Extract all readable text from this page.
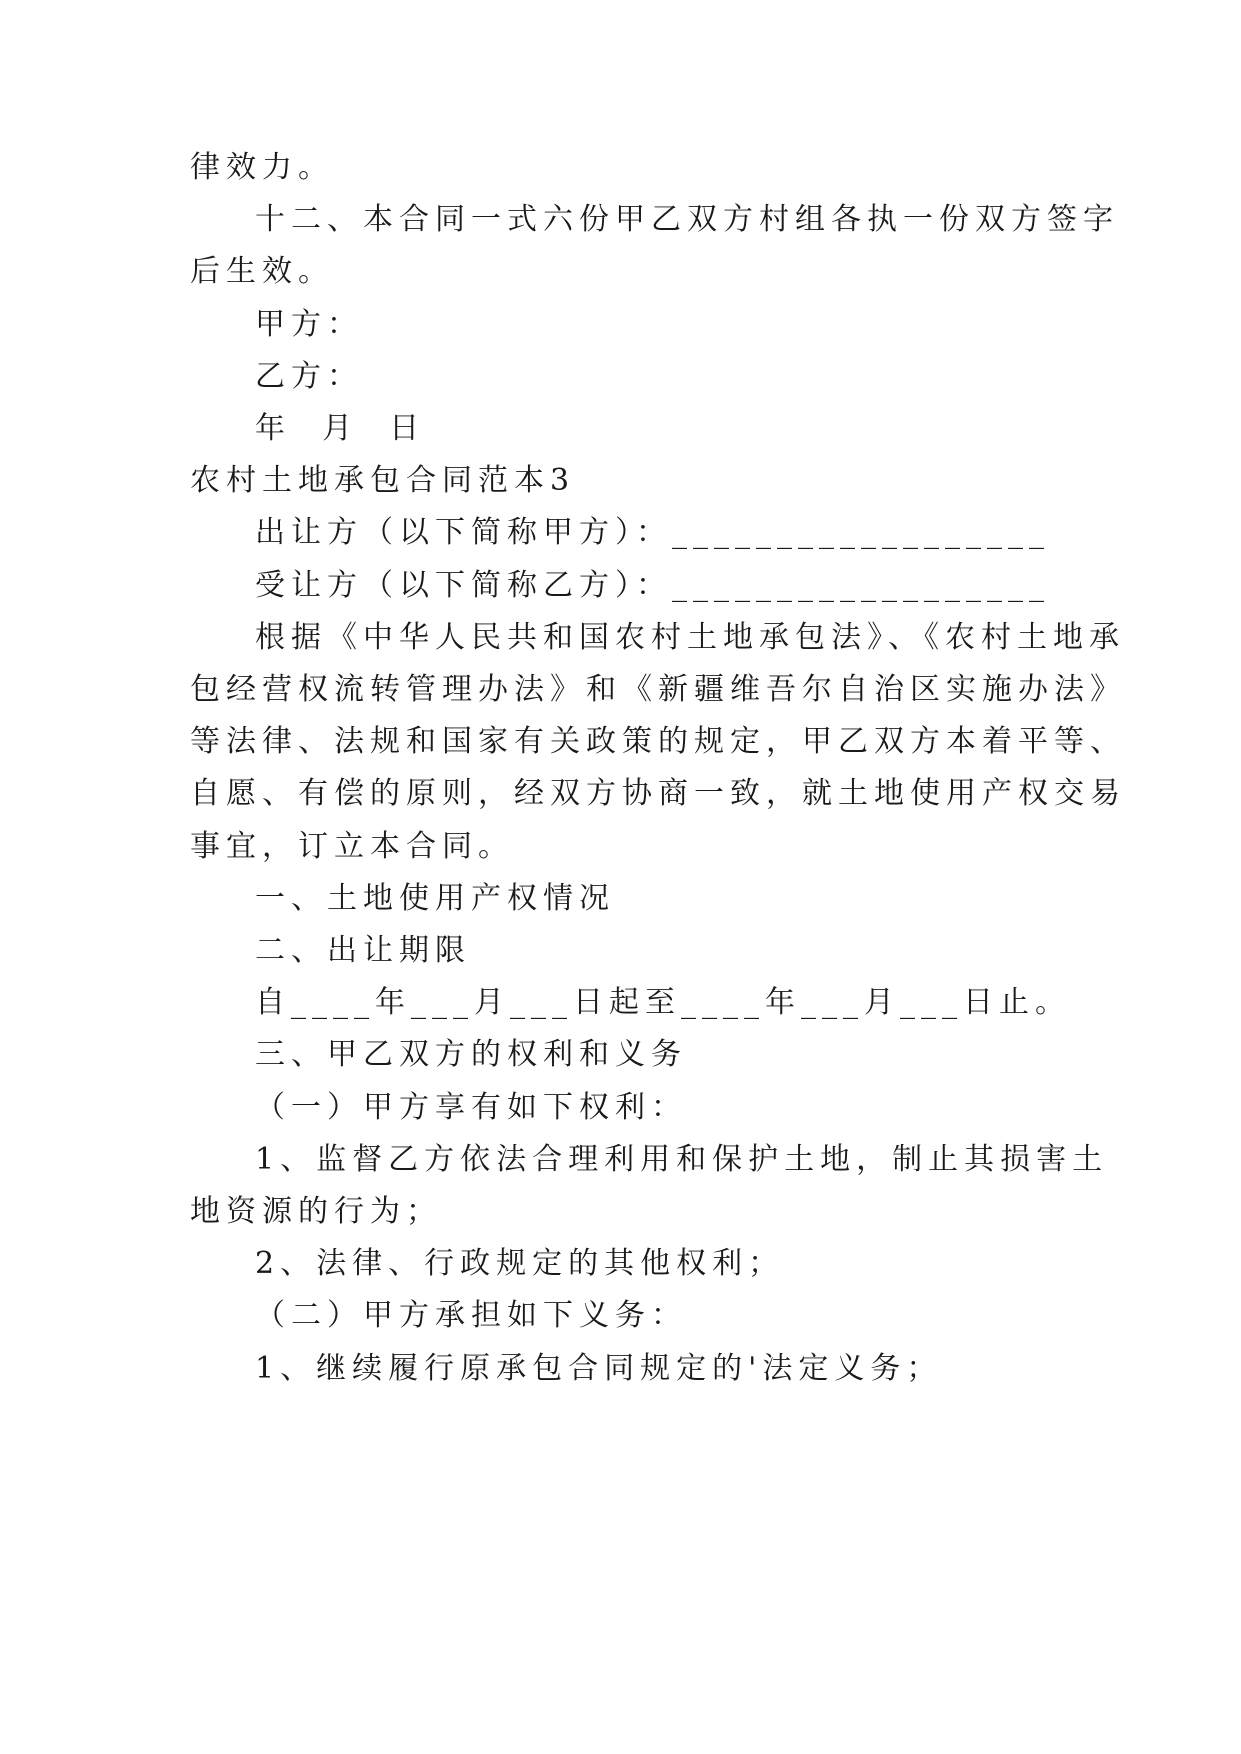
律效力。
十二、本合同一式六份甲乙双方村组各执一份双方签字
后生效。
甲方：
乙方：
年  月  日
农村土地承包合同范本3
出让方（以下简称甲方）：__________________
受让方（以下简称乙方）：__________________
根据《中华人民共和国农村土地承包法》、《农村土地承
包经营权流转管理办法》和《新疆维吾尔自治区实施办法》
等法律、法规和国家有关政策的规定，甲乙双方本着平等、
自愿、有偿的原则，经双方协商一致，就土地使用产权交易
事宜，订立本合同。
一、土地使用产权情况
二、出让期限
自____年___月___日起至____年___月___日止。
三、甲乙双方的权利和义务
（一）甲方享有如下权利：
1、监督乙方依法合理利用和保护土地，制止其损害土
地资源的行为；
2、法律、行政规定的其他权利；
（二）甲方承担如下义务：
1、继续履行原承包合同规定的'法定义务；
